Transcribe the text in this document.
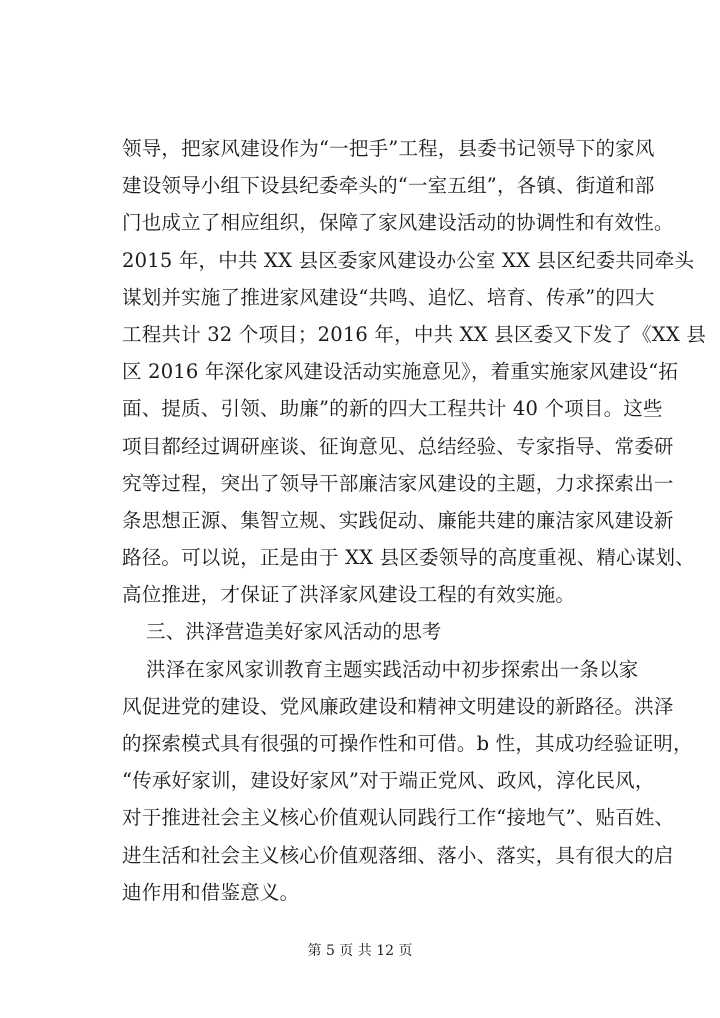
领导，把家风建设作为“一把手”工程，县委书记领导下的家风
建设领导小组下设县纪委牵头的“一室五组”，各镇、街道和部
门也成立了相应组织，保障了家风建设活动的协调性和有效性。
2015 年，中共 XX 县区委家风建设办公室 XX 县区纪委共同牵头
谋划并实施了推进家风建设“共鸣、追忆、培育、传承”的四大
工程共计 32 个项目；2016 年，中共 XX 县区委又下发了《XX 县
区 2016 年深化家风建设活动实施意见》，着重实施家风建设“拓
面、提质、引领、助廉”的新的四大工程共计 40 个项目。这些
项目都经过调研座谈、征询意见、总结经验、专家指导、常委研
究等过程，突出了领导干部廉洁家风建设的主题，力求探索出一
条思想正源、集智立规、实践促动、廉能共建的廉洁家风建设新
路径。可以说，正是由于 XX 县区委领导的高度重视、精心谋划、
高位推进，才保证了洪泽家风建设工程的有效实施。
三、洪泽营造美好家风活动的思考
洪泽在家风家训教育主题实践活动中初步探索出一条以家
风促进党的建设、党风廉政建设和精神文明建设的新路径。洪泽
的探索模式具有很强的可操作性和可借。b 性，其成功经验证明，
“传承好家训，建设好家风”对于端正党风、政风，淳化民风，
对于推进社会主义核心价值观认同践行工作“接地气”、贴百姓、
进生活和社会主义核心价值观落细、落小、落实，具有很大的启
迪作用和借鉴意义。
第 5 页 共 12 页
